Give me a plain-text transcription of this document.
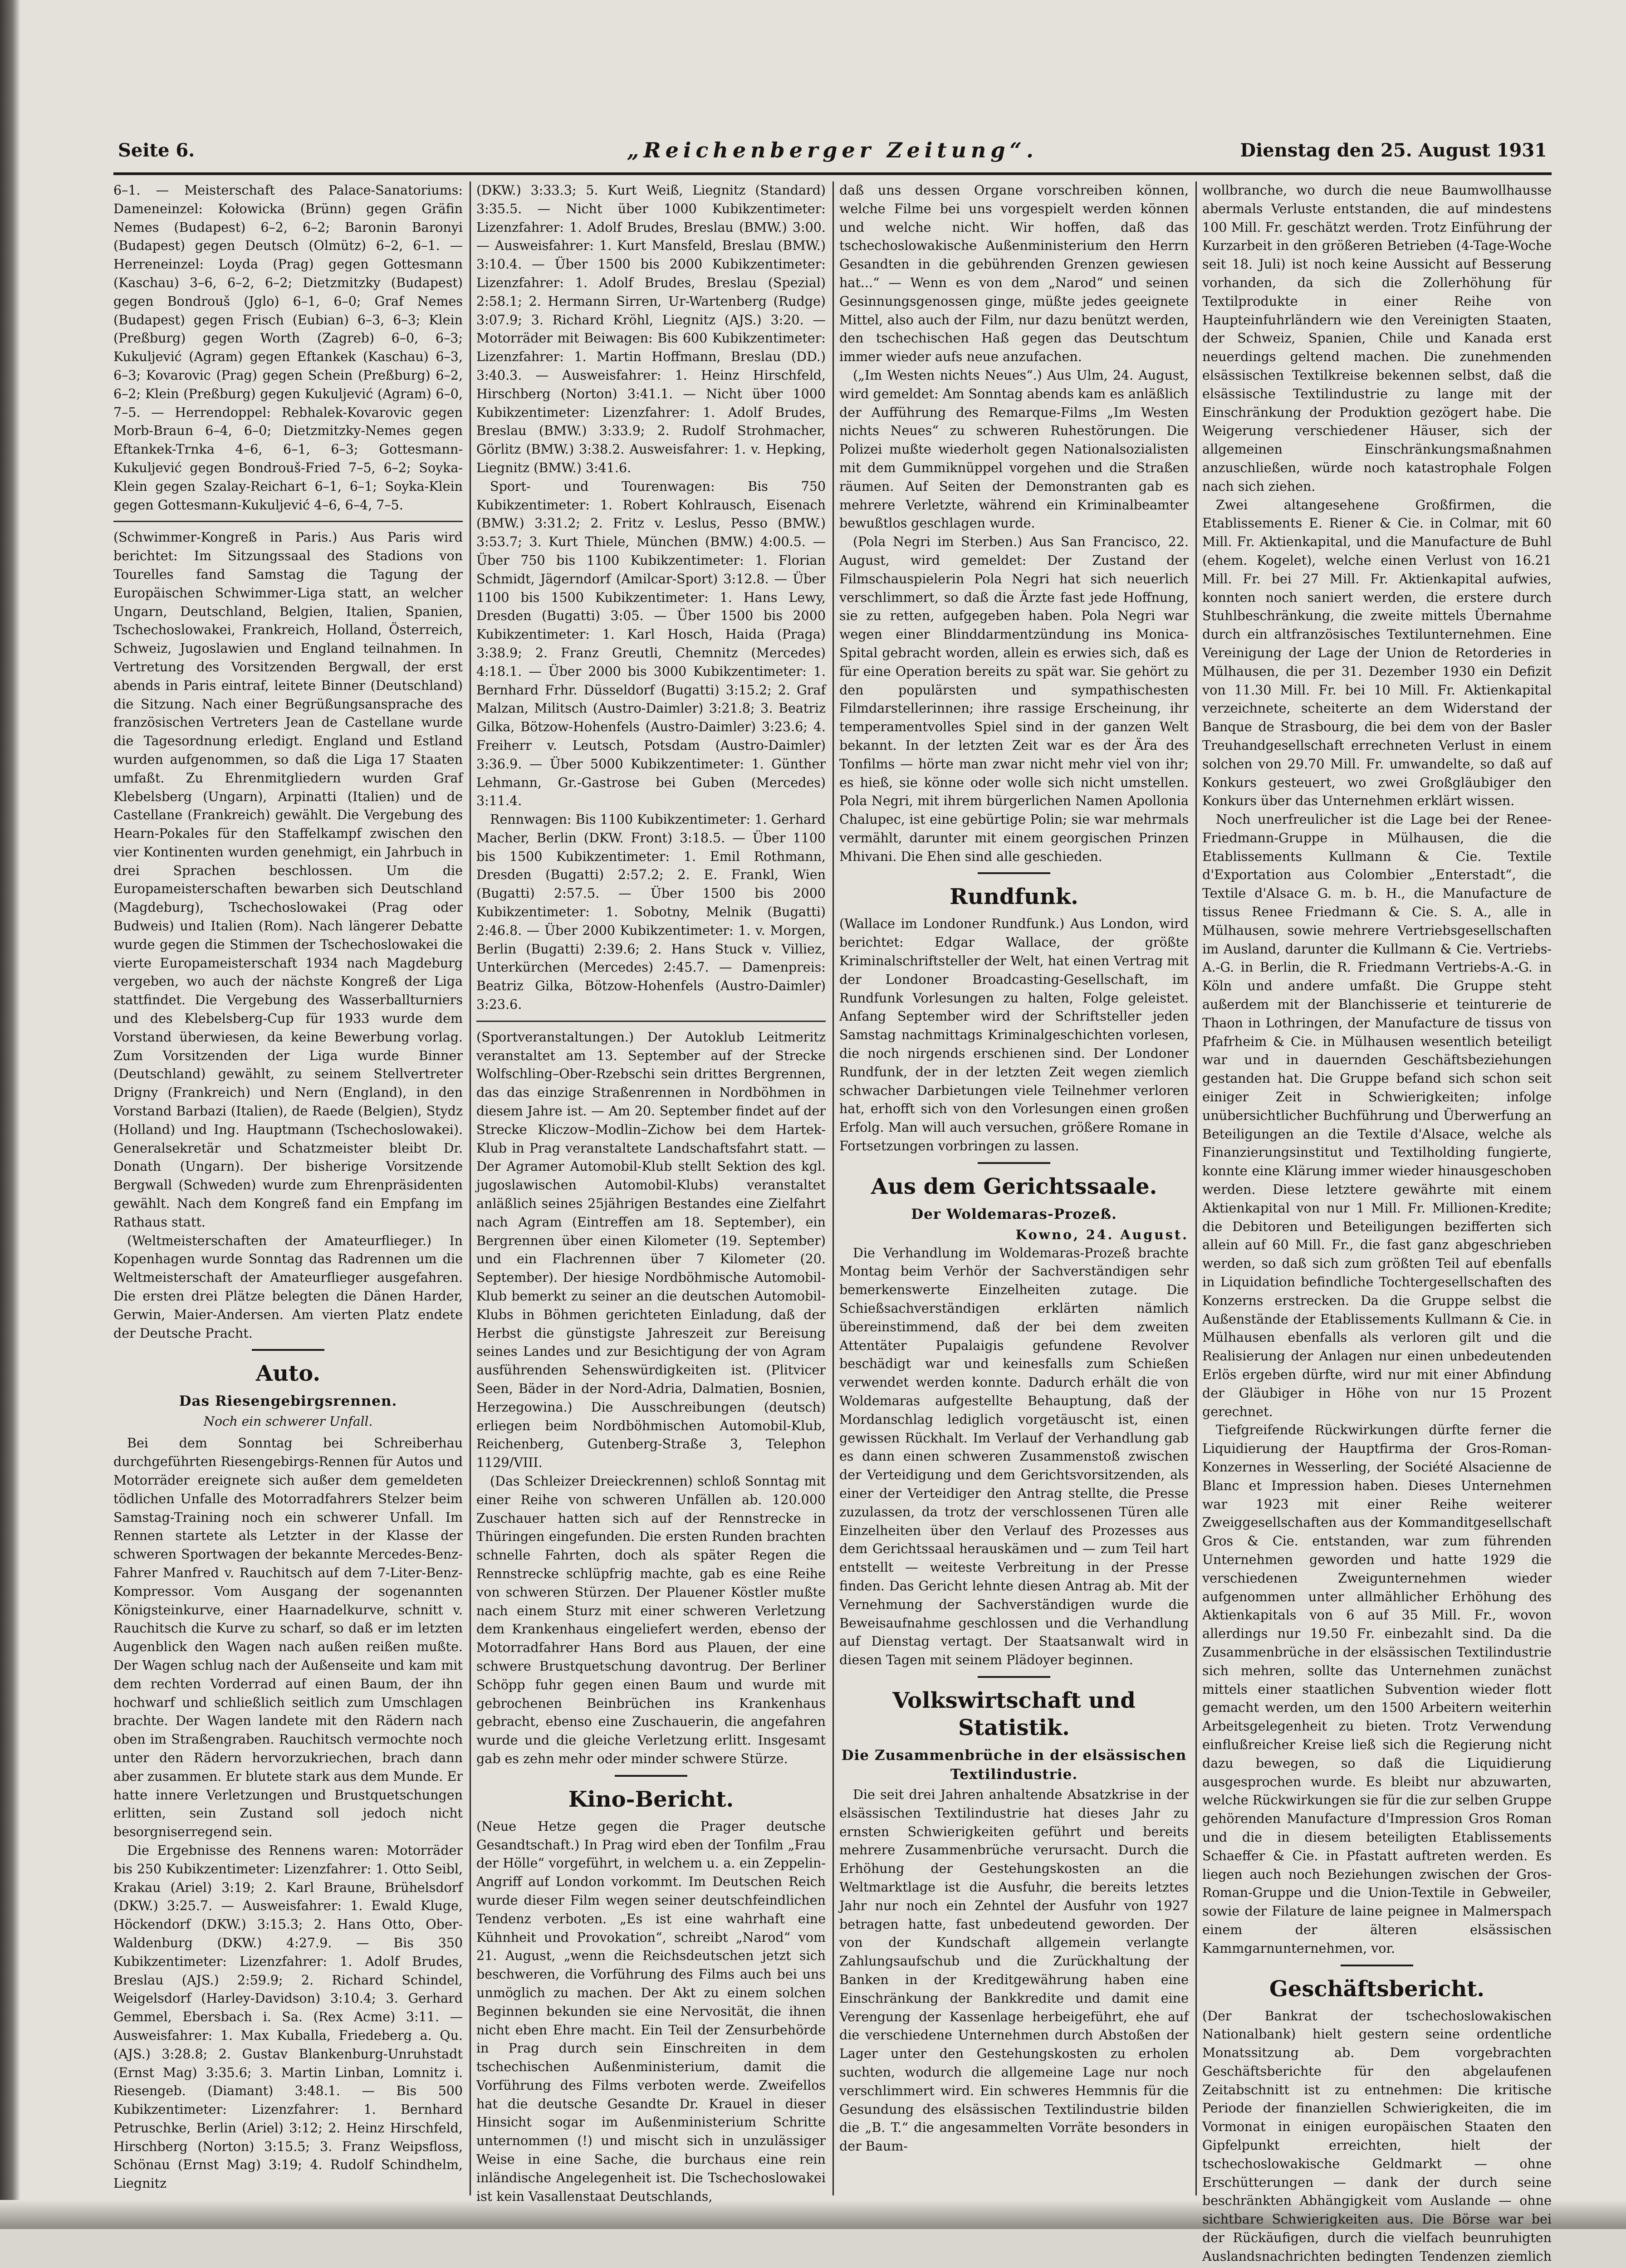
Seite 6.	„Reichenberger Zeitung“.	Dienstag den 25. August 1931

6–1. — Meisterschaft des Palace-Sanatoriums: Dameneinzel: Kołowicka (Brünn) gegen Gräfin Nemes (Budapest) 6–2, 6–2; Baronin Baronyi (Budapest) gegen Deutsch (Olmütz) 6–2, 6–1. — Herreneinzel: Loyda (Prag) gegen Gottesmann (Kaschau) 3–6, 6–2, 6–2; Dietzmitzky (Budapest) gegen Bondrouš (Jglo) 6–1, 6–0; Graf Nemes (Budapest) gegen Frisch (Eubian) 6–3, 6–3; Klein (Preßburg) gegen Worth (Zagreb) 6–0, 6–3; Kukuljević (Agram) gegen Eftankek (Kaschau) 6–3, 6–3; Kovarovic (Prag) gegen Schein (Preßburg) 6–2, 6–2; Klein (Preßburg) gegen Kukuljević (Agram) 6–0, 7–5. — Herrendoppel: Rebhalek-Kovarovic gegen Morb-Braun 6–4, 6–0; Dietzmitzky-Nemes gegen Eftankek-Trnka 4–6, 6–1, 6–3; Gottesmann-Kukuljević gegen Bondrouš-Fried 7–5, 6–2; Soyka-Klein gegen Szalay-Reichart 6–1, 6–1; Soyka-Klein gegen Gottesmann-Kukuljević 4–6, 6–4, 7–5.

(Schwimmer-Kongreß in Paris.) Aus Paris wird berichtet: Im Sitzungssaal des Stadions von Tourelles fand Samstag die Tagung der Europäischen Schwimmer-Liga statt, an welcher Ungarn, Deutschland, Belgien, Italien, Spanien, Tschechoslowakei, Frankreich, Holland, Österreich, Schweiz, Jugoslawien und England teilnahmen. In Vertretung des Vorsitzenden Bergwall, der erst abends in Paris eintraf, leitete Binner (Deutschland) die Sitzung. Nach einer Begrüßungsansprache des französischen Vertreters Jean de Castellane wurde die Tagesordnung erledigt. England und Estland wurden aufgenommen, so daß die Liga 17 Staaten umfaßt. Zu Ehrenmitgliedern wurden Graf Klebelsberg (Ungarn), Arpinatti (Italien) und de Castellane (Frankreich) gewählt. Die Vergebung des Hearn-Pokales für den Staffelkampf zwischen den vier Kontinenten wurden genehmigt, ein Jahrbuch in drei Sprachen beschlossen. Um die Europameisterschaften bewarben sich Deutschland (Magdeburg), Tschechoslowakei (Prag oder Budweis) und Italien (Rom). Nach längerer Debatte wurde gegen die Stimmen der Tschechoslowakei die vierte Europameisterschaft 1934 nach Magdeburg vergeben, wo auch der nächste Kongreß der Liga stattfindet. Die Vergebung des Wasserballturniers und des Klebelsberg-Cup für 1933 wurde dem Vorstand überwiesen, da keine Bewerbung vorlag. Zum Vorsitzenden der Liga wurde Binner (Deutschland) gewählt, zu seinem Stellvertreter Drigny (Frankreich) und Nern (England), in den Vorstand Barbazi (Italien), de Raede (Belgien), Stydz (Holland) und Ing. Hauptmann (Tschechoslowakei). Generalsekretär und Schatzmeister bleibt Dr. Donath (Ungarn). Der bisherige Vorsitzende Bergwall (Schweden) wurde zum Ehrenpräsidenten gewählt. Nach dem Kongreß fand ein Empfang im Rathaus statt.

(Weltmeisterschaften der Amateurflieger.) In Kopenhagen wurde Sonntag das Radrennen um die Weltmeisterschaft der Amateurflieger ausgefahren. Die ersten drei Plätze belegten die Dänen Harder, Gerwin, Maier-Andersen. Am vierten Platz endete der Deutsche Pracht.

Auto.
Das Riesengebirgsrennen.
Noch ein schwerer Unfall.

Bei dem Sonntag bei Schreiberhau durchgeführten Riesengebirgs-Rennen für Autos und Motorräder ereignete sich außer dem gemeldeten tödlichen Unfalle des Motorradfahrers Stelzer beim Samstag-Training noch ein schwerer Unfall. Im Rennen startete als Letzter in der Klasse der schweren Sportwagen der bekannte Mercedes-Benz-Fahrer Manfred v. Rauchitsch auf dem 7-Liter-Benz-Kompressor. Vom Ausgang der sogenannten Königsteinkurve, einer Haarnadelkurve, schnitt v. Rauchitsch die Kurve zu scharf, so daß er im letzten Augenblick den Wagen nach außen reißen mußte. Der Wagen schlug nach der Außenseite und kam mit dem rechten Vorderrad auf einen Baum, der ihn hochwarf und schließlich seitlich zum Umschlagen brachte. Der Wagen landete mit den Rädern nach oben im Straßengraben. Rauchitsch vermochte noch unter den Rädern hervorzukriechen, brach dann aber zusammen. Er blutete stark aus dem Munde. Er hatte innere Verletzungen und Brustquetschungen erlitten, sein Zustand soll jedoch nicht besorgniserregend sein.

Die Ergebnisse des Rennens waren: Motorräder bis 250 Kubikzentimeter: Lizenzfahrer: 1. Otto Seibl, Krakau (Ariel) 3:19; 2. Karl Braune, Brühelsdorf (DKW.) 3:25.7. — Ausweisfahrer: 1. Ewald Kluge, Höckendorf (DKW.) 3:15.3; 2. Hans Otto, Ober-Waldenburg (DKW.) 4:27.9. — Bis 350 Kubikzentimeter: Lizenzfahrer: 1. Adolf Brudes, Breslau (AJS.) 2:59.9; 2. Richard Schindel, Weigelsdorf (Harley-Davidson) 3:10.4; 3. Gerhard Gemmel, Ebersbach i. Sa. (Rex Acme) 3:11. — Ausweisfahrer: 1. Max Kuballa, Friedeberg a. Qu. (AJS.) 3:28.8; 2. Gustav Blankenburg-Unruhstadt (Ernst Mag) 3:35.6; 3. Martin Linban, Lomnitz i. Riesengeb. (Diamant) 3:48.1. — Bis 500 Kubikzentimeter: Lizenzfahrer: 1. Bernhard Petruschke, Berlin (Ariel) 3:12; 2. Heinz Hirschfeld, Hirschberg (Norton) 3:15.5; 3. Franz Weipsfloss, Schönau (Ernst Mag) 3:19; 4. Rudolf Schindhelm, Liegnitz

(DKW.) 3:33.3; 5. Kurt Weiß, Liegnitz (Standard) 3:35.5. — Nicht über 1000 Kubikzentimeter: Lizenzfahrer: 1. Adolf Brudes, Breslau (BMW.) 3:00. — Ausweisfahrer: 1. Kurt Mansfeld, Breslau (BMW.) 3:10.4. — Über 1500 bis 2000 Kubikzentimeter: Lizenzfahrer: 1. Adolf Brudes, Breslau (Spezial) 2:58.1; 2. Hermann Sirren, Ur-Wartenberg (Rudge) 3:07.9; 3. Richard Kröhl, Liegnitz (AJS.) 3:20. — Motorräder mit Beiwagen: Bis 600 Kubikzentimeter: Lizenzfahrer: 1. Martin Hoffmann, Breslau (DD.) 3:40.3. — Ausweisfahrer: 1. Heinz Hirschfeld, Hirschberg (Norton) 3:41.1. — Nicht über 1000 Kubikzentimeter: Lizenzfahrer: 1. Adolf Brudes, Breslau (BMW.) 3:33.9; 2. Rudolf Strohmacher, Görlitz (BMW.) 3:38.2. Ausweisfahrer: 1. v. Hepking, Liegnitz (BMW.) 3:41.6.

Sport- und Tourenwagen: Bis 750 Kubikzentimeter: 1. Robert Kohlrausch, Eisenach (BMW.) 3:31.2; 2. Fritz v. Leslus, Pesso (BMW.) 3:53.7; 3. Kurt Thiele, München (BMW.) 4:00.5. — Über 750 bis 1100 Kubikzentimeter: 1. Florian Schmidt, Jägerndorf (Amilcar-Sport) 3:12.8. — Über 1100 bis 1500 Kubikzentimeter: 1. Hans Lewy, Dresden (Bugatti) 3:05. — Über 1500 bis 2000 Kubikzentimeter: 1. Karl Hosch, Haida (Praga) 3:38.9; 2. Franz Greutli, Chemnitz (Mercedes) 4:18.1. — Über 2000 bis 3000 Kubikzentimeter: 1. Bernhard Frhr. Düsseldorf (Bugatti) 3:15.2; 2. Graf Malzan, Militsch (Austro-Daimler) 3:21.8; 3. Beatriz Gilka, Bötzow-Hohenfels (Austro-Daimler) 3:23.6; 4. Freiherr v. Leutsch, Potsdam (Austro-Daimler) 3:36.9. — Über 5000 Kubikzentimeter: 1. Günther Lehmann, Gr.-Gastrose bei Guben (Mercedes) 3:11.4.

Rennwagen: Bis 1100 Kubikzentimeter: 1. Gerhard Macher, Berlin (DKW. Front) 3:18.5. — Über 1100 bis 1500 Kubikzentimeter: 1. Emil Rothmann, Dresden (Bugatti) 2:57.2; 2. E. Frankl, Wien (Bugatti) 2:57.5. — Über 1500 bis 2000 Kubikzentimeter: 1. Sobotny, Melnik (Bugatti) 2:46.8. — Über 2000 Kubikzentimeter: 1. v. Morgen, Berlin (Bugatti) 2:39.6; 2. Hans Stuck v. Villiez, Unterkürchen (Mercedes) 2:45.7. — Damenpreis: Beatriz Gilka, Bötzow-Hohenfels (Austro-Daimler) 3:23.6.

(Sportveranstaltungen.) Der Autoklub Leitmeritz veranstaltet am 13. September auf der Strecke Wolfschling–Ober-Rzebschi sein drittes Bergrennen, das das einzige Straßenrennen in Nordböhmen in diesem Jahre ist. — Am 20. September findet auf der Strecke Kliczow–Modlin–Zichow bei dem Hartek-Klub in Prag veranstaltete Landschaftsfahrt statt. — Der Agramer Automobil-Klub stellt Sektion des kgl. jugoslawischen Automobil-Klubs) veranstaltet anläßlich seines 25jährigen Bestandes eine Zielfahrt nach Agram (Eintreffen am 18. September), ein Bergrennen über einen Kilometer (19. September) und ein Flachrennen über 7 Kilometer (20. September). Der hiesige Nordböhmische Automobil-Klub bemerkt zu seiner an die deutschen Automobil-Klubs in Böhmen gerichteten Einladung, daß der Herbst die günstigste Jahreszeit zur Bereisung seines Landes und zur Besichtigung der von Agram ausführenden Sehenswürdigkeiten ist. (Plitvicer Seen, Bäder in der Nord-Adria, Dalmatien, Bosnien, Herzegowina.) Die Ausschreibungen (deutsch) erliegen beim Nordböhmischen Automobil-Klub, Reichenberg, Gutenberg-Straße 3, Telephon 1129/VIII.

(Das Schleizer Dreieckrennen) schloß Sonntag mit einer Reihe von schweren Unfällen ab. 120.000 Zuschauer hatten sich auf der Rennstrecke in Thüringen eingefunden. Die ersten Runden brachten schnelle Fahrten, doch als später Regen die Rennstrecke schlüpfrig machte, gab es eine Reihe von schweren Stürzen. Der Plauener Köstler mußte nach einem Sturz mit einer schweren Verletzung dem Krankenhaus eingeliefert werden, ebenso der Motorradfahrer Hans Bord aus Plauen, der eine schwere Brustquetschung davontrug. Der Berliner Schöpp fuhr gegen einen Baum und wurde mit gebrochenen Beinbrüchen ins Krankenhaus gebracht, ebenso eine Zuschauerin, die angefahren wurde und die gleiche Verletzung erlitt. Insgesamt gab es zehn mehr oder minder schwere Stürze.

Kino-Bericht.

(Neue Hetze gegen die Prager deutsche Gesandtschaft.) In Prag wird eben der Tonfilm „Frau der Hölle“ vorgeführt, in welchem u. a. ein Zeppelin-Angriff auf London vorkommt. Im Deutschen Reich wurde dieser Film wegen seiner deutschfeindlichen Tendenz verboten. „Es ist eine wahrhaft eine Kühnheit und Provokation“, schreibt „Narod“ vom 21. August, „wenn die Reichsdeutschen jetzt sich beschweren, die Vorführung des Films auch bei uns unmöglich zu machen. Der Akt zu einem solchen Beginnen bekunden sie eine Nervosität, die ihnen nicht eben Ehre macht. Ein Teil der Zensurbehörde in Prag durch sein Einschreiten in dem tschechischen Außenministerium, damit die Vorführung des Films verboten werde. Zweifellos hat die deutsche Gesandte Dr. Krauel in dieser Hinsicht sogar im Außenministerium Schritte unternommen (!) und mischt sich in unzulässiger Weise in eine Sache, die burchaus eine rein inländische Angelegenheit ist. Die Tschechoslowakei ist kein Vasallenstaat Deutschlands,

daß uns dessen Organe vorschreiben können, welche Filme bei uns vorgespielt werden können und welche nicht. Wir hoffen, daß das tschechoslowakische Außenministerium den Herrn Gesandten in die gebührenden Grenzen gewiesen hat...“ — Wenn es von dem „Narod“ und seinen Gesinnungsgenossen ginge, müßte jedes geeignete Mittel, also auch der Film, nur dazu benützt werden, den tschechischen Haß gegen das Deutschtum immer wieder aufs neue anzufachen.

(„Im Westen nichts Neues“.) Aus Ulm, 24. August, wird gemeldet: Am Sonntag abends kam es anläßlich der Aufführung des Remarque-Films „Im Westen nichts Neues“ zu schweren Ruhestörungen. Die Polizei mußte wiederholt gegen Nationalsozialisten mit dem Gummiknüppel vorgehen und die Straßen räumen. Auf Seiten der Demonstranten gab es mehrere Verletzte, während ein Kriminalbeamter bewußtlos geschlagen wurde.

(Pola Negri im Sterben.) Aus San Francisco, 22. August, wird gemeldet: Der Zustand der Filmschauspielerin Pola Negri hat sich neuerlich verschlimmert, so daß die Ärzte fast jede Hoffnung, sie zu retten, aufgegeben haben. Pola Negri war wegen einer Blinddarmentzündung ins Monica-Spital gebracht worden, allein es erwies sich, daß es für eine Operation bereits zu spät war. Sie gehört zu den populärsten und sympathischesten Filmdarstellerinnen; ihre rassige Erscheinung, ihr temperamentvolles Spiel sind in der ganzen Welt bekannt. In der letzten Zeit war es der Ära des Tonfilms — hörte man zwar nicht mehr viel von ihr; es hieß, sie könne oder wolle sich nicht umstellen. Pola Negri, mit ihrem bürgerlichen Namen Apollonia Chalupec, ist eine gebürtige Polin; sie war mehrmals vermählt, darunter mit einem georgischen Prinzen Mhivani. Die Ehen sind alle geschieden.

Rundfunk.

(Wallace im Londoner Rundfunk.) Aus London, wird berichtet: Edgar Wallace, der größte Kriminalschriftsteller der Welt, hat einen Vertrag mit der Londoner Broadcasting-Gesellschaft, im Rundfunk Vorlesungen zu halten, Folge geleistet. Anfang September wird der Schriftsteller jeden Samstag nachmittags Kriminalgeschichten vorlesen, die noch nirgends erschienen sind. Der Londoner Rundfunk, der in der letzten Zeit wegen ziemlich schwacher Darbietungen viele Teilnehmer verloren hat, erhofft sich von den Vorlesungen einen großen Erfolg. Man will auch versuchen, größere Romane in Fortsetzungen vorbringen zu lassen.

Aus dem Gerichtssaale.
Der Woldemaras-Prozeß.
Kowno, 24. August.

Die Verhandlung im Woldemaras-Prozeß brachte Montag beim Verhör der Sachverständigen sehr bemerkenswerte Einzelheiten zutage. Die Schießsachverständigen erklärten nämlich übereinstimmend, daß der bei dem zweiten Attentäter Pupalaigis gefundene Revolver beschädigt war und keinesfalls zum Schießen verwendet werden konnte. Dadurch erhält die von Woldemaras aufgestellte Behauptung, daß der Mordanschlag lediglich vorgetäuscht ist, einen gewissen Rückhalt. Im Verlauf der Verhandlung gab es dann einen schweren Zusammenstoß zwischen der Verteidigung und dem Gerichtsvorsitzenden, als einer der Verteidiger den Antrag stellte, die Presse zuzulassen, da trotz der verschlossenen Türen alle Einzelheiten über den Verlauf des Prozesses aus dem Gerichtssaal herauskämen und — zum Teil hart entstellt — weiteste Verbreitung in der Presse finden. Das Gericht lehnte diesen Antrag ab. Mit der Vernehmung der Sachverständigen wurde die Beweisaufnahme geschlossen und die Verhandlung auf Dienstag vertagt. Der Staatsanwalt wird in diesen Tagen mit seinem Plädoyer beginnen.

Volkswirtschaft und Statistik.
Die Zusammenbrüche in der elsässischen Textilindustrie.

Die seit drei Jahren anhaltende Absatzkrise in der elsässischen Textilindustrie hat dieses Jahr zu ernsten Schwierigkeiten geführt und bereits mehrere Zusammenbrüche verursacht. Durch die Erhöhung der Gestehungskosten an die Weltmarktlage ist die Ausfuhr, die bereits letztes Jahr nur noch ein Zehntel der Ausfuhr von 1927 betragen hatte, fast unbedeutend geworden. Der von der Kundschaft allgemein verlangte Zahlungsaufschub und die Zurückhaltung der Banken in der Kreditgewährung haben eine Einschränkung der Bankkredite und damit eine Verengung der Kassenlage herbeigeführt, ehe auf die verschiedene Unternehmen durch Abstoßen der Lager unter den Gestehungskosten zu erholen suchten, wodurch die allgemeine Lage nur noch verschlimmert wird. Ein schweres Hemmnis für die Gesundung des elsässischen Textilindustrie bilden die „B. T.“ die angesammelten Vorräte besonders in der Baum-

wollbranche, wo durch die neue Baumwollhausse abermals Verluste entstanden, die auf mindestens 100 Mill. Fr. geschätzt werden. Trotz Einführung der Kurzarbeit in den größeren Betrieben (4-Tage-Woche seit 18. Juli) ist noch keine Aussicht auf Besserung vorhanden, da sich die Zollerhöhung für Textilprodukte in einer Reihe von Haupteinfuhrländern wie den Vereinigten Staaten, der Schweiz, Spanien, Chile und Kanada erst neuerdings geltend machen. Die zunehmenden elsässischen Textilkreise bekennen selbst, daß die elsässische Textilindustrie zu lange mit der Einschränkung der Produktion gezögert habe. Die Weigerung verschiedener Häuser, sich der allgemeinen Einschränkungsmaßnahmen anzuschließen, würde noch katastrophale Folgen nach sich ziehen.

Zwei altangesehene Großfirmen, die Etablissements E. Riener & Cie. in Colmar, mit 60 Mill. Fr. Aktienkapital, und die Manufacture de Buhl (ehem. Kogelet), welche einen Verlust von 16.21 Mill. Fr. bei 27 Mill. Fr. Aktienkapital aufwies, konnten noch saniert werden, die erstere durch Stuhlbeschränkung, die zweite mittels Übernahme durch ein altfranzösisches Textilunternehmen. Eine Vereinigung der Lage der Union de Retorderies in Mülhausen, die per 31. Dezember 1930 ein Defizit von 11.30 Mill. Fr. bei 10 Mill. Fr. Aktienkapital verzeichnete, scheiterte an dem Widerstand der Banque de Strasbourg, die bei dem von der Basler Treuhandgesellschaft errechneten Verlust in einem solchen von 29.70 Mill. Fr. umwandelte, so daß auf Konkurs gesteuert, wo zwei Großgläubiger den Konkurs über das Unternehmen erklärt wissen.

Noch unerfreulicher ist die Lage bei der Renee-Friedmann-Gruppe in Mülhausen, die die Etablissements Kullmann & Cie. Textile d'Exportation aus Colombier „Enterstadt“, die Textile d'Alsace G. m. b. H., die Manufacture de tissus Renee Friedmann & Cie. S. A., alle in Mülhausen, sowie mehrere Vertriebsgesellschaften im Ausland, darunter die Kullmann & Cie. Vertriebs-A.-G. in Berlin, die R. Friedmann Vertriebs-A.-G. in Köln und andere umfaßt. Die Gruppe steht außerdem mit der Blanchisserie et teinturerie de Thaon in Lothringen, der Manufacture de tissus von Pfafrheim & Cie. in Mülhausen wesentlich beteiligt war und in dauernden Geschäftsbeziehungen gestanden hat. Die Gruppe befand sich schon seit einiger Zeit in Schwierigkeiten; infolge unübersichtlicher Buchführung und Überwerfung an Beteiligungen an die Textile d'Alsace, welche als Finanzierungsinstitut und Textilholding fungierte, konnte eine Klärung immer wieder hinausgeschoben werden. Diese letztere gewährte mit einem Aktienkapital von nur 1 Mill. Fr. Millionen-Kredite; die Debitoren und Beteiligungen bezifferten sich allein auf 60 Mill. Fr., die fast ganz abgeschrieben werden, so daß sich zum größten Teil auf ebenfalls in Liquidation befindliche Tochtergesellschaften des Konzerns erstrecken. Da die Gruppe selbst die Außenstände der Etablissements Kullmann & Cie. in Mülhausen ebenfalls als verloren gilt und die Realisierung der Anlagen nur einen unbedeutenden Erlös ergeben dürfte, wird nur mit einer Abfindung der Gläubiger in Höhe von nur 15 Prozent gerechnet.

Tiefgreifende Rückwirkungen dürfte ferner die Liquidierung der Hauptfirma der Gros-Roman-Konzernes in Wesserling, der Société Alsacienne de Blanc et Impression haben. Dieses Unternehmen war 1923 mit einer Reihe weiterer Zweiggesellschaften aus der Kommanditgesellschaft Gros & Cie. entstanden, war zum führenden Unternehmen geworden und hatte 1929 die verschiedenen Zweigunternehmen wieder aufgenommen unter allmählicher Erhöhung des Aktienkapitals von 6 auf 35 Mill. Fr., wovon allerdings nur 19.50 Fr. einbezahlt sind. Da die Zusammenbrüche in der elsässischen Textilindustrie sich mehren, sollte das Unternehmen zunächst mittels einer staatlichen Subvention wieder flott gemacht werden, um den 1500 Arbeitern weiterhin Arbeitsgelegenheit zu bieten. Trotz Verwendung einflußreicher Kreise ließ sich die Regierung nicht dazu bewegen, so daß die Liquidierung ausgesprochen wurde. Es bleibt nur abzuwarten, welche Rückwirkungen sie für die zur selben Gruppe gehörenden Manufacture d'Impression Gros Roman und die in diesem beteiligten Etablissements Schaeffer & Cie. in Pfastatt auftreten werden. Es liegen auch noch Beziehungen zwischen der Gros-Roman-Gruppe und die Union-Textile in Gebweiler, sowie der Filature de laine peignee in Malmerspach einem der älteren elsässischen Kammgarnunternehmen, vor.

Geschäftsbericht.

(Der Bankrat der tschechoslowakischen Nationalbank) hielt gestern seine ordentliche Monatssitzung ab. Dem vorgebrachten Geschäftsberichte für den abgelaufenen Zeitabschnitt ist zu entnehmen: Die kritische Periode der finanziellen Schwierigkeiten, die im Vormonat in einigen europäischen Staaten den Gipfelpunkt erreichten, hielt der tschechoslowakische Geldmarkt — ohne Erschütterungen — dank der durch seine beschränkten Abhängigkeit vom Auslande — ohne sichtbare Schwierigkeiten aus. Die Börse war bei der Rückäufigen, durch die vielfach beunruhigten Auslandsnachrichten bedingten Tendenzen ziemlich
